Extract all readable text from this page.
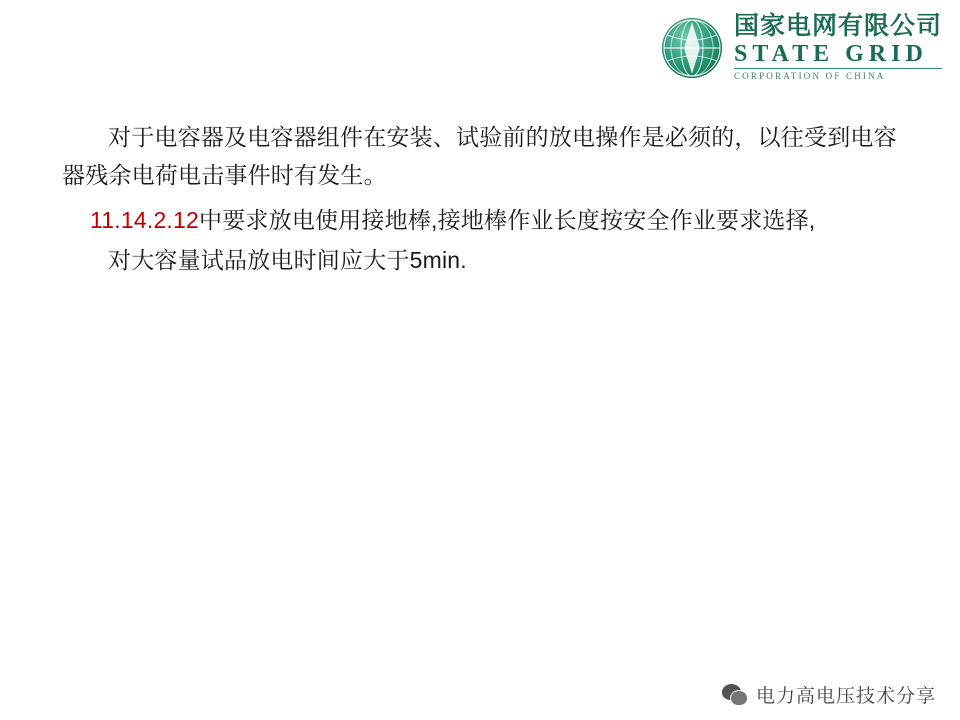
国家电网有限公司
STATE GRID
CORPORATION OF CHINA

对于电容器及电容器组件在安装、试验前的放电操作是必须的，以往受到电容器残余电荷电击事件时有发生。

11.14.2.12中要求放电使用接地棒,接地棒作业长度按安全作业要求选择,

对大容量试品放电时间应大于5min.

电力高电压技术分享
